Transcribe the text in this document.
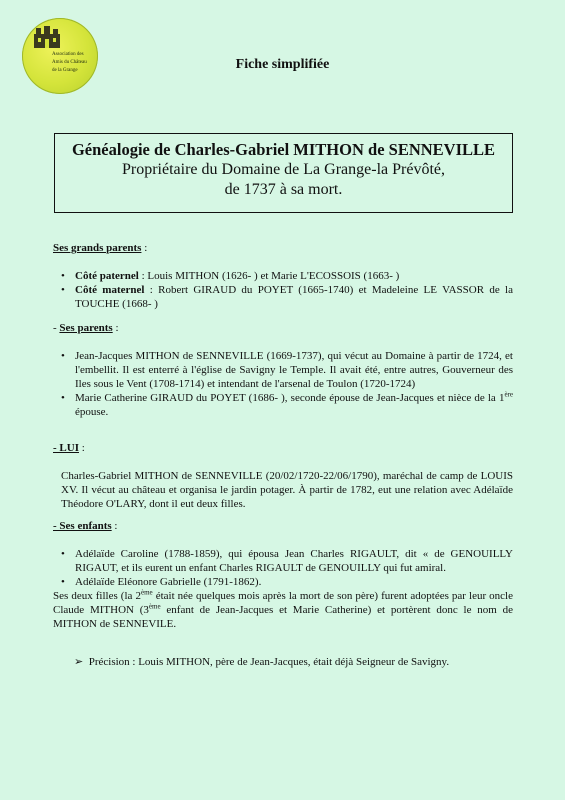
Association des
Amis du Château
de la Grange	Fiche simplifiée
Généalogie de Charles-Gabriel MITHON de SENNEVILLE
Propriétaire du Domaine de La Grange-la Prévôté,
de 1737 à sa mort.
Ses grands parents :
• Côté paternel : Louis MITHON (1626- ) et Marie L'ECOSSOIS (1663- )
• Côté maternel : Robert GIRAUD du POYET (1665-1740) et Madeleine LE VASSOR de la TOUCHE (1668- )
- Ses parents :
• Jean-Jacques MITHON de SENNEVILLE (1669-1737), qui vécut au Domaine à partir de 1724, et l'embellit. Il est enterré à l'église de Savigny le Temple. Il avait été, entre autres, Gouverneur des Iles sous le Vent (1708-1714) et intendant de l'arsenal de Toulon (1720-1724)
• Marie Catherine GIRAUD du POYET (1686- ), seconde épouse de Jean-Jacques et nièce de la 1ère épouse.
- LUI :

Charles-Gabriel MITHON de SENNEVILLE (20/02/1720-22/06/1790), maréchal de camp de LOUIS XV. Il vécut au château et organisa le jardin potager. À partir de 1782, eut une relation avec Adélaïde Théodore O'LARY, dont il eut deux filles.

- Ses enfants :
• Adélaïde Caroline (1788-1859), qui épousa Jean Charles RIGAULT, dit « de GENOUILLY RIGAUT, et ils eurent un enfant Charles RIGAULT de GENOUILLY qui fut amiral.
• Adélaïde Eléonore Gabrielle (1791-1862).

Ses deux filles (la 2ème était née quelques mois après la mort de son père) furent adoptées par leur oncle Claude MITHON (3ème enfant de Jean-Jacques et Marie Catherine) et portèrent donc le nom de MITHON de SENNEVILE.

➢ Précision : Louis MITHON, père de Jean-Jacques, était déjà Seigneur de Savigny.
